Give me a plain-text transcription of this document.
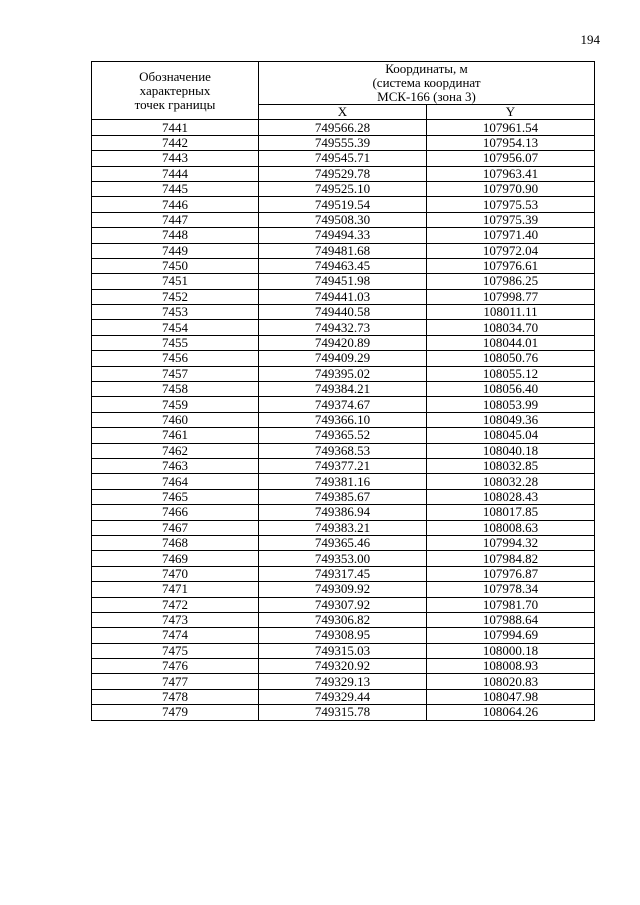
194
Обозначение
характерных
точек границы	Координаты, м
(система координат
МСК-166 (зона 3)	

	X	Y
7441	749566.28	107961.54
7442	749555.39	107954.13
7443	749545.71	107956.07
7444	749529.78	107963.41
7445	749525.10	107970.90
7446	749519.54	107975.53
7447	749508.30	107975.39
7448	749494.33	107971.40
7449	749481.68	107972.04
7450	749463.45	107976.61
7451	749451.98	107986.25
7452	749441.03	107998.77
7453	749440.58	108011.11
7454	749432.73	108034.70
7455	749420.89	108044.01
7456	749409.29	108050.76
7457	749395.02	108055.12
7458	749384.21	108056.40
7459	749374.67	108053.99
7460	749366.10	108049.36
7461	749365.52	108045.04
7462	749368.53	108040.18
7463	749377.21	108032.85
7464	749381.16	108032.28
7465	749385.67	108028.43
7466	749386.94	108017.85
7467	749383.21	108008.63
7468	749365.46	107994.32
7469	749353.00	107984.82
7470	749317.45	107976.87
7471	749309.92	107978.34
7472	749307.92	107981.70
7473	749306.82	107988.64
7474	749308.95	107994.69
7475	749315.03	108000.18
7476	749320.92	108008.93
7477	749329.13	108020.83
7478	749329.44	108047.98
7479	749315.78	108064.26
